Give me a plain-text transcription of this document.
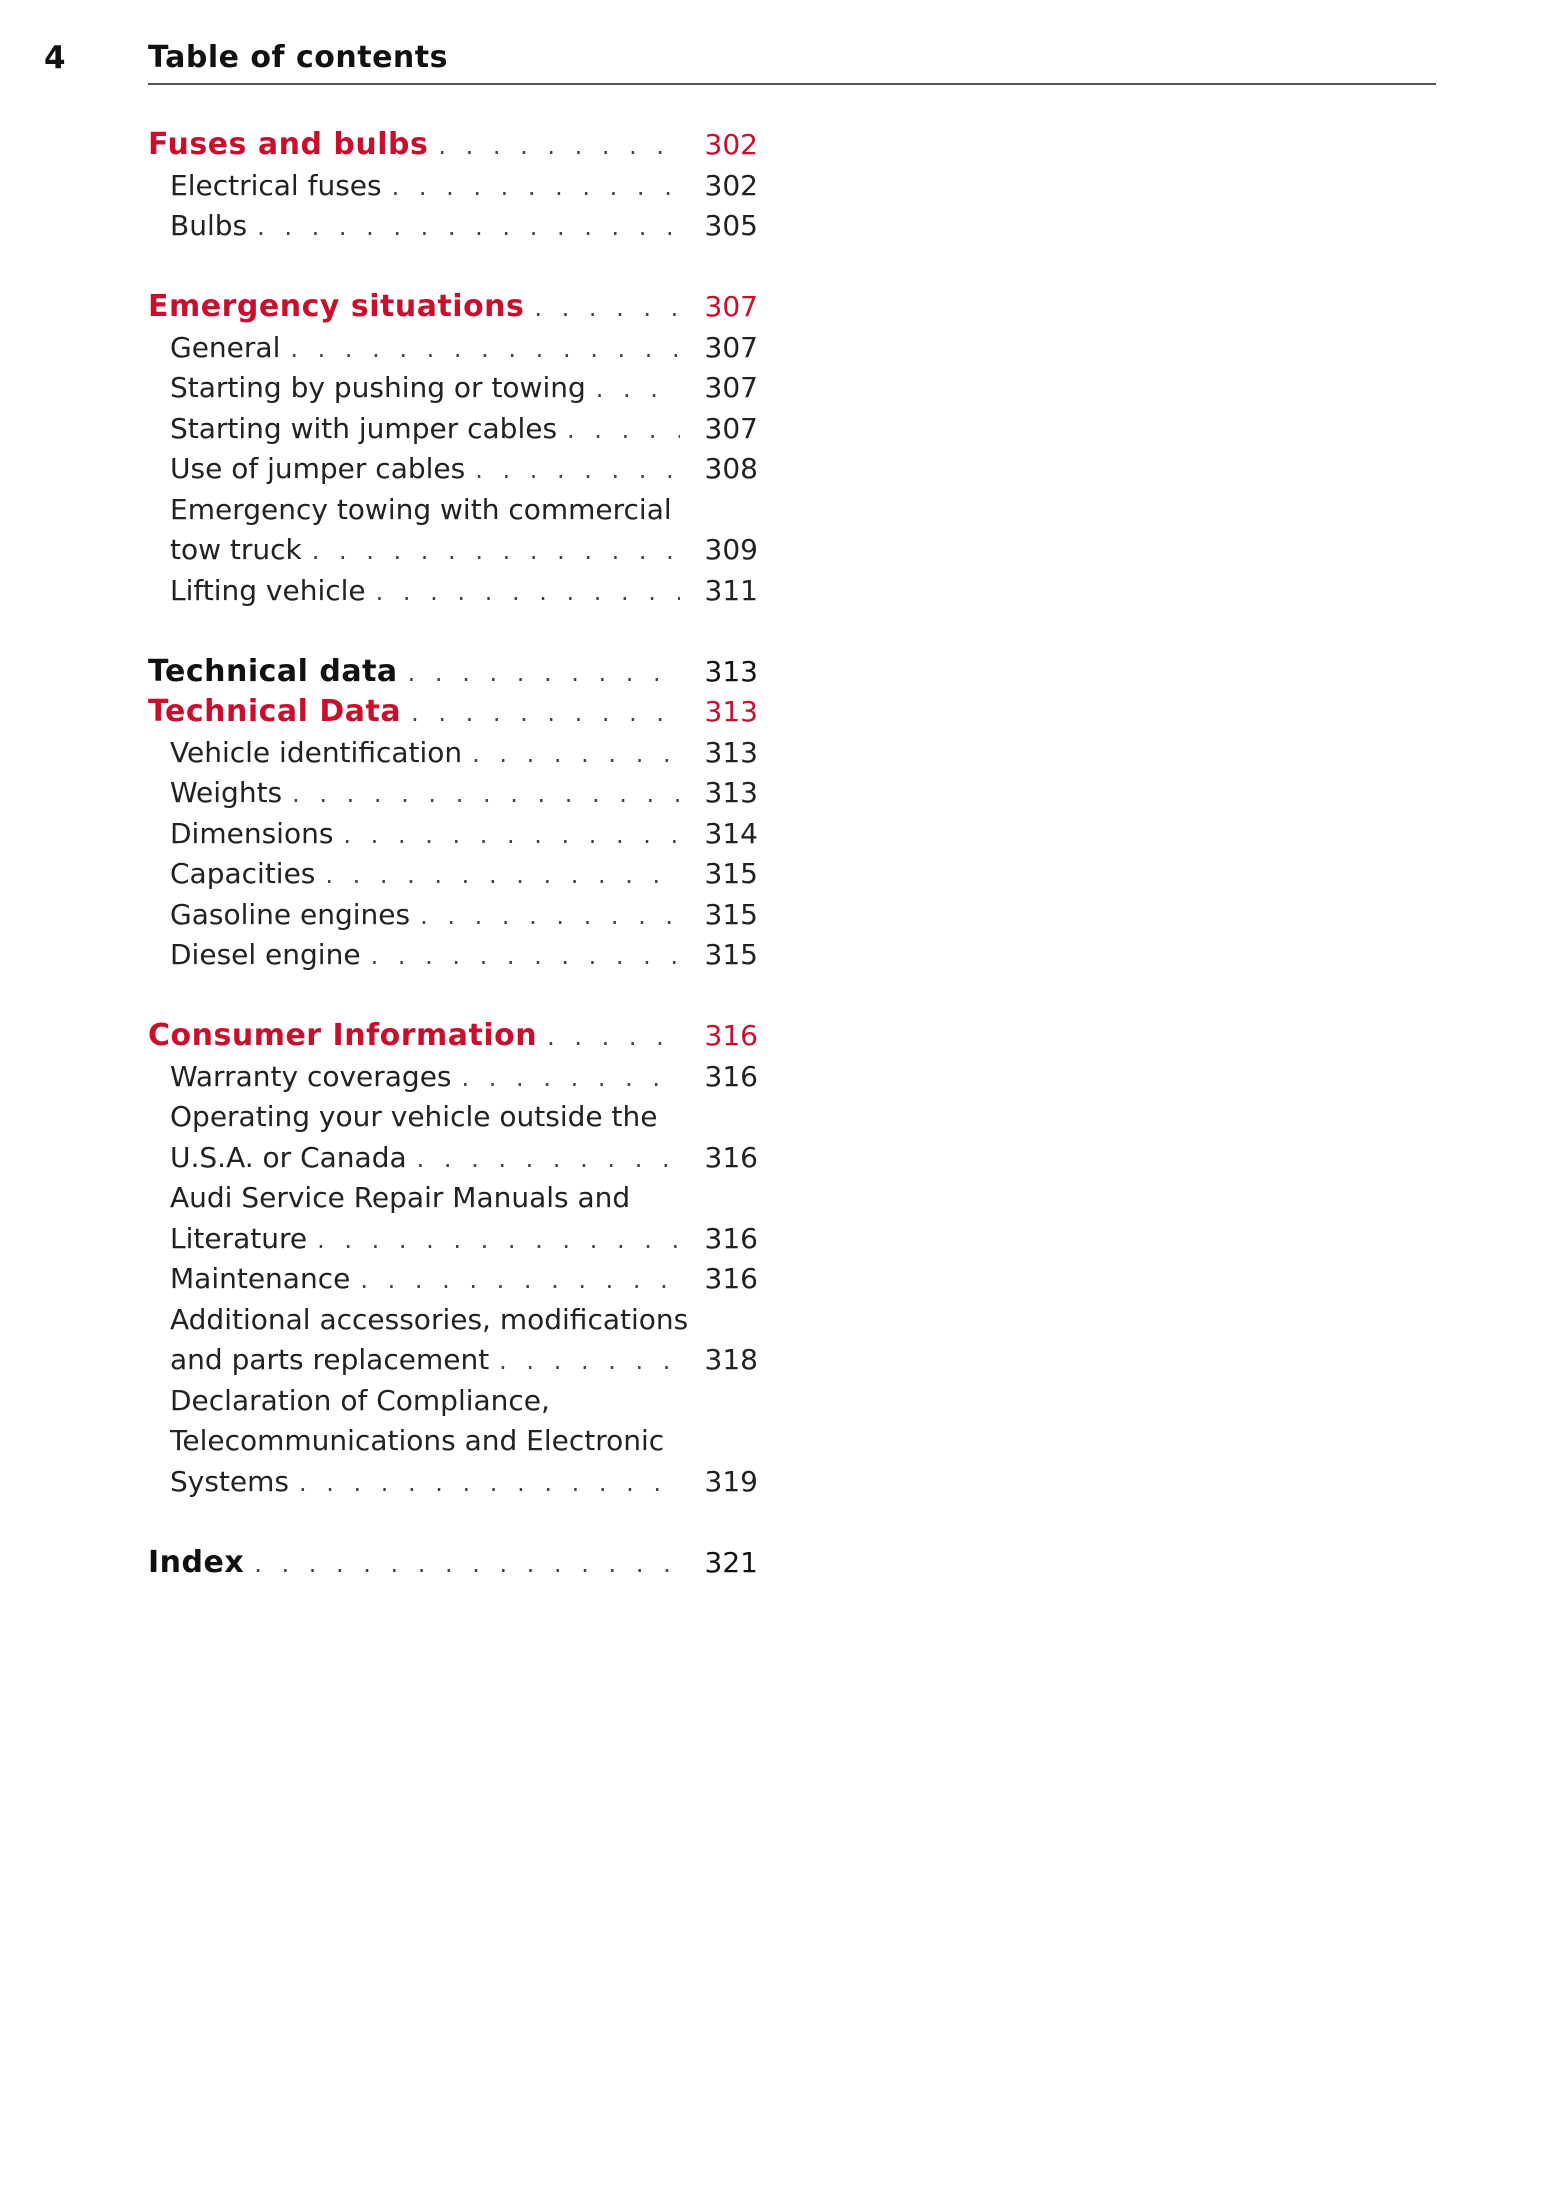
4	Table of contents
Fuses and bulbs . . .	302
Electrical fuses . . .	302
Bulbs . . .	305
Emergency situations . . .	307
General . . .	307
Starting by pushing or towing . . .	307
Starting with jumper cables . . .	307
Use of jumper cables . . .	308
Emergency towing with commercial
tow truck . . .	309
Lifting vehicle . . .	311
Technical data . . .	313
Technical Data . . .	313
Vehicle identification . . .	313
Weights . . .	313
Dimensions . . .	314
Capacities . . .	315
Gasoline engines . . .	315
Diesel engine . . .	315
Consumer Information . . .	316
Warranty coverages . . .	316
Operating your vehicle outside the
U.S.A. or Canada . . .	316
Audi Service Repair Manuals and
Literature . . .	316
Maintenance . . .	316
Additional accessories, modifications
and parts replacement . . .	318
Declaration of Compliance,
Telecommunications and Electronic
Systems . . .	319
Index . . .	321
